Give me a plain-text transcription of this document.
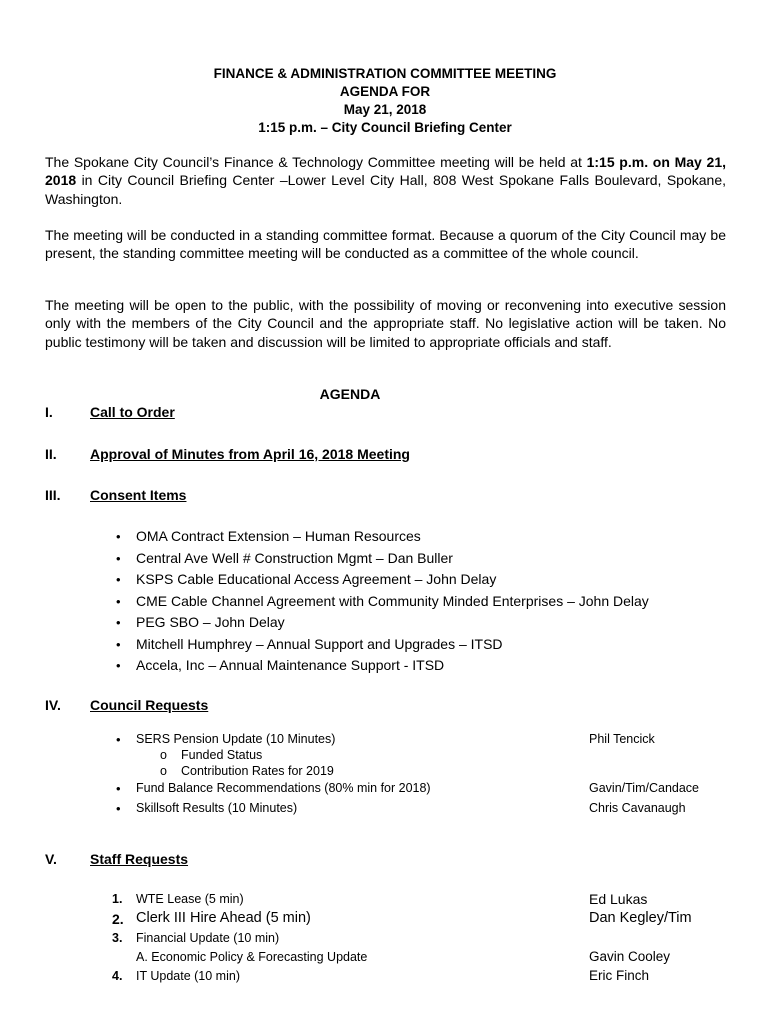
FINANCE & ADMINISTRATION COMMITTEE MEETING
AGENDA FOR
May 21, 2018
1:15 p.m. – City Council Briefing Center
The Spokane City Council’s Finance & Technology Committee meeting will be held at 1:15 p.m. on May 21, 2018 in City Council Briefing Center –Lower Level City Hall, 808 West Spokane Falls Boulevard, Spokane, Washington.
The meeting will be conducted in a standing committee format. Because a quorum of the City Council may be present, the standing committee meeting will be conducted as a committee of the whole council.
The meeting will be open to the public, with the possibility of moving or reconvening into executive session only with the members of the City Council and the appropriate staff. No legislative action will be taken. No public testimony will be taken and discussion will be limited to appropriate officials and staff.
AGENDA
I.	Call to Order
II. Approval of Minutes from April 16, 2018 Meeting
III. Consent Items
• OMA Contract Extension – Human Resources
• Central Ave Well # Construction Mgmt – Dan Buller
• KSPS Cable Educational Access Agreement – John Delay
• CME Cable Channel Agreement with Community Minded Enterprises – John Delay
• PEG SBO – John Delay
• Mitchell Humphrey – Annual Support and Upgrades – ITSD
• Accela, Inc – Annual Maintenance Support - ITSD
IV. Council Requests
• SERS Pension Update (10 Minutes)	Phil Tencick
o Funded Status
o Contribution Rates for 2019
• Fund Balance Recommendations (80% min for 2018)	Gavin/Tim/Candace
• Skillsoft Results (10 Minutes)	Chris Cavanaugh
V. Staff Requests
1. WTE Lease (5 min)	Ed Lukas
2. Clerk III Hire Ahead (5 min)	Dan Kegley/Tim
3. Financial Update (10 min)
A. Economic Policy & Forecasting Update	Gavin Cooley
4. IT Update (10 min)	Eric Finch
